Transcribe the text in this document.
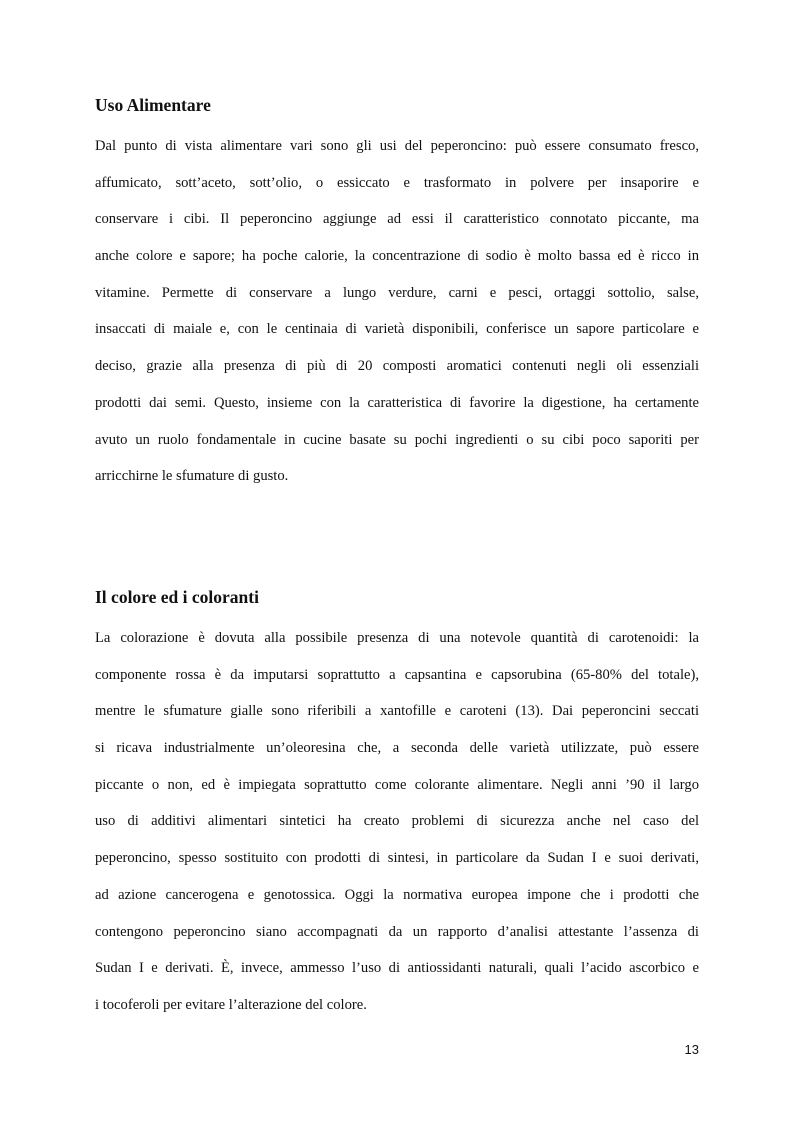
Uso Alimentare
Dal punto di vista alimentare vari sono gli usi del peperoncino: può essere consumato fresco,
affumicato, sott’aceto, sott’olio, o essiccato e trasformato in polvere per insaporire e
conservare i cibi. Il peperoncino aggiunge ad essi il caratteristico connotato piccante, ma
anche colore e sapore; ha poche calorie, la concentrazione di sodio è molto bassa ed è ricco in
vitamine. Permette di conservare a lungo verdure, carni e pesci, ortaggi sottolio, salse,
insaccati di maiale e, con le centinaia di varietà disponibili, conferisce un sapore particolare e
deciso, grazie alla presenza di più di 20 composti aromatici contenuti negli oli essenziali
prodotti dai semi. Questo, insieme con la caratteristica di favorire la digestione, ha certamente
avuto un ruolo fondamentale in cucine basate su pochi ingredienti o su cibi poco saporiti per
arricchirne le sfumature di gusto.
Il colore ed i coloranti
La colorazione è dovuta alla possibile presenza di una notevole quantità di carotenoidi: la
componente rossa è da imputarsi soprattutto a capsantina e capsorubina (65-80% del totale),
mentre le sfumature gialle sono riferibili a xantofille e caroteni (13). Dai peperoncini seccati
si ricava industrialmente un’oleoresina che, a seconda delle varietà utilizzate, può essere
piccante o non, ed è impiegata soprattutto come colorante alimentare. Negli anni ’90 il largo
uso di additivi alimentari sintetici ha creato problemi di sicurezza anche nel caso del
peperoncino, spesso sostituito con prodotti di sintesi, in particolare da Sudan I e suoi derivati,
ad azione cancerogena e genotossica. Oggi la normativa europea impone che i prodotti che
contengono peperoncino siano accompagnati da un rapporto d’analisi attestante l’assenza di
Sudan I e derivati. È, invece, ammesso l’uso di antiossidanti naturali, quali l’acido ascorbico e
i tocoferoli per evitare l’alterazione del colore.
13
